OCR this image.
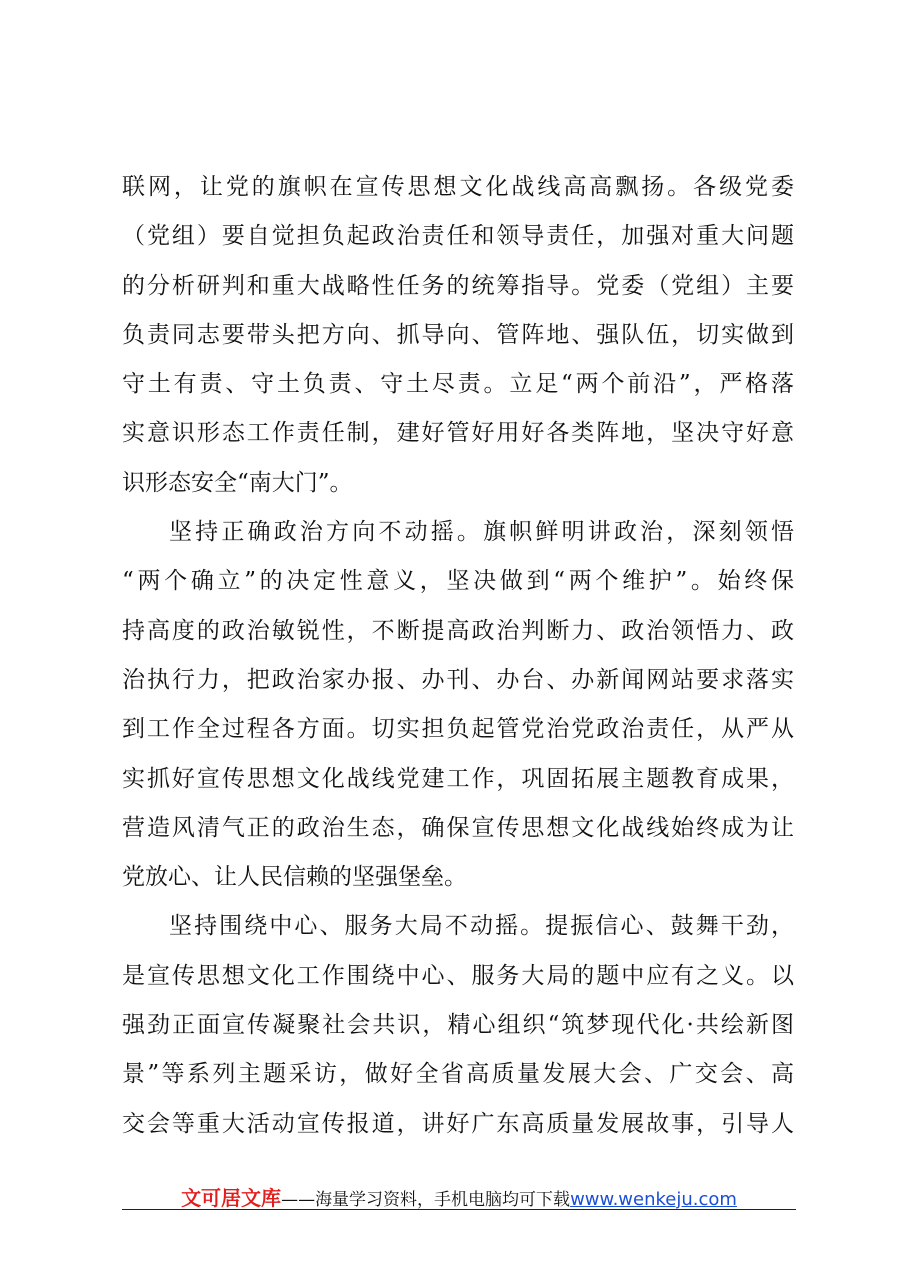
联网，让党的旗帜在宣传思想文化战线高高飘扬。各级党委
（党组）要自觉担负起政治责任和领导责任，加强对重大问题
的分析研判和重大战略性任务的统筹指导。党委（党组）主要
负责同志要带头把方向、抓导向、管阵地、强队伍，切实做到
守土有责、守土负责、守土尽责。立足“两个前沿”，严格落
实意识形态工作责任制，建好管好用好各类阵地，坚决守好意
识形态安全“南大门”。
坚持正确政治方向不动摇。旗帜鲜明讲政治，深刻领悟
“两个确立”的决定性意义，坚决做到“两个维护”。始终保
持高度的政治敏锐性，不断提高政治判断力、政治领悟力、政
治执行力，把政治家办报、办刊、办台、办新闻网站要求落实
到工作全过程各方面。切实担负起管党治党政治责任，从严从
实抓好宣传思想文化战线党建工作，巩固拓展主题教育成果，
营造风清气正的政治生态，确保宣传思想文化战线始终成为让
党放心、让人民信赖的坚强堡垒。
坚持围绕中心、服务大局不动摇。提振信心、鼓舞干劲，
是宣传思想文化工作围绕中心、服务大局的题中应有之义。以
强劲正面宣传凝聚社会共识，精心组织“筑梦现代化·共绘新图
景”等系列主题采访，做好全省高质量发展大会、广交会、高
交会等重大活动宣传报道，讲好广东高质量发展故事，引导人
文可居文库——海量学习资料，手机电脑均可下载www.wenkeju.com
